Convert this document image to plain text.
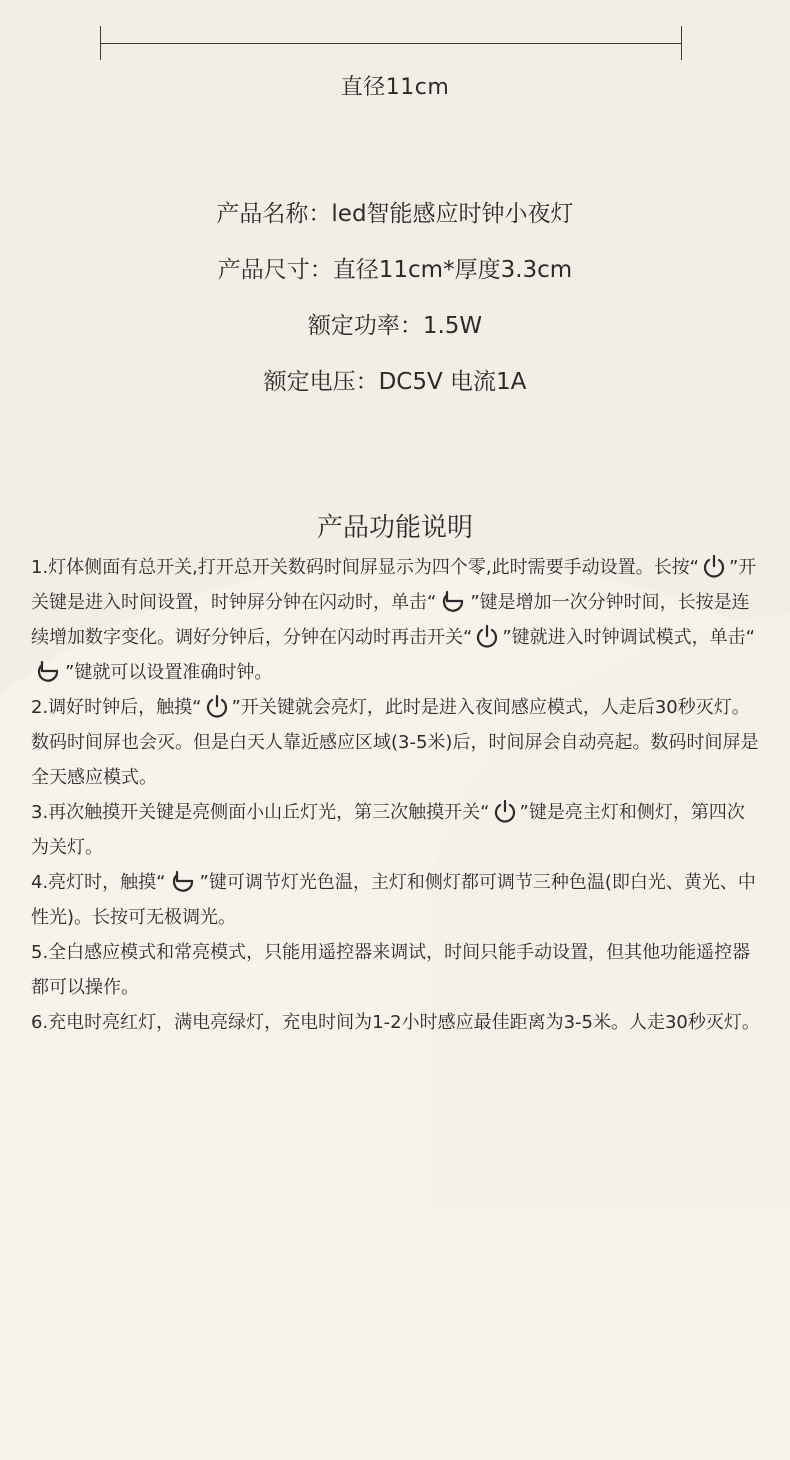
直径11cm
产品名称：led智能感应时钟小夜灯
产品尺寸：直径11cm*厚度3.3cm
额定功率：1.5W
额定电压：DC5V 电流1A
产品功能说明

1.灯体侧面有总开关,打开总开关数码时间屏显示为四个零,此时需要手动设置。长按“ ”开关键是进入时间设置，时钟屏分钟在闪动时，单击“ ”键是增加一次分钟时间，长按是连续增加数字变化。调好分钟后，分钟在闪动时再击开关“ ”键就进入时钟调试模式，单击“”键就可以设置准确时钟。

2.调好时钟后，触摸“ ”开关键就会亮灯，此时是进入夜间感应模式，人走后30秒灭灯。数码时间屏也会灭。但是白天人靠近感应区域(3-5米)后，时间屏会自动亮起。数码时间屏是全天感应模式。

3.再次触摸开关键是亮侧面小山丘灯光，第三次触摸开关“ ”键是亮主灯和侧灯，第四次为关灯。

4.亮灯时，触摸“ ”键可调节灯光色温，主灯和侧灯都可调节三种色温(即白光、黄光、中性光)。长按可无极调光。

5.全白感应模式和常亮模式，只能用遥控器来调试，时间只能手动设置，但其他功能遥控器都可以操作。

6.充电时亮红灯，满电亮绿灯，充电时间为1-2小时感应最佳距离为3-5米。人走30秒灭灯。
